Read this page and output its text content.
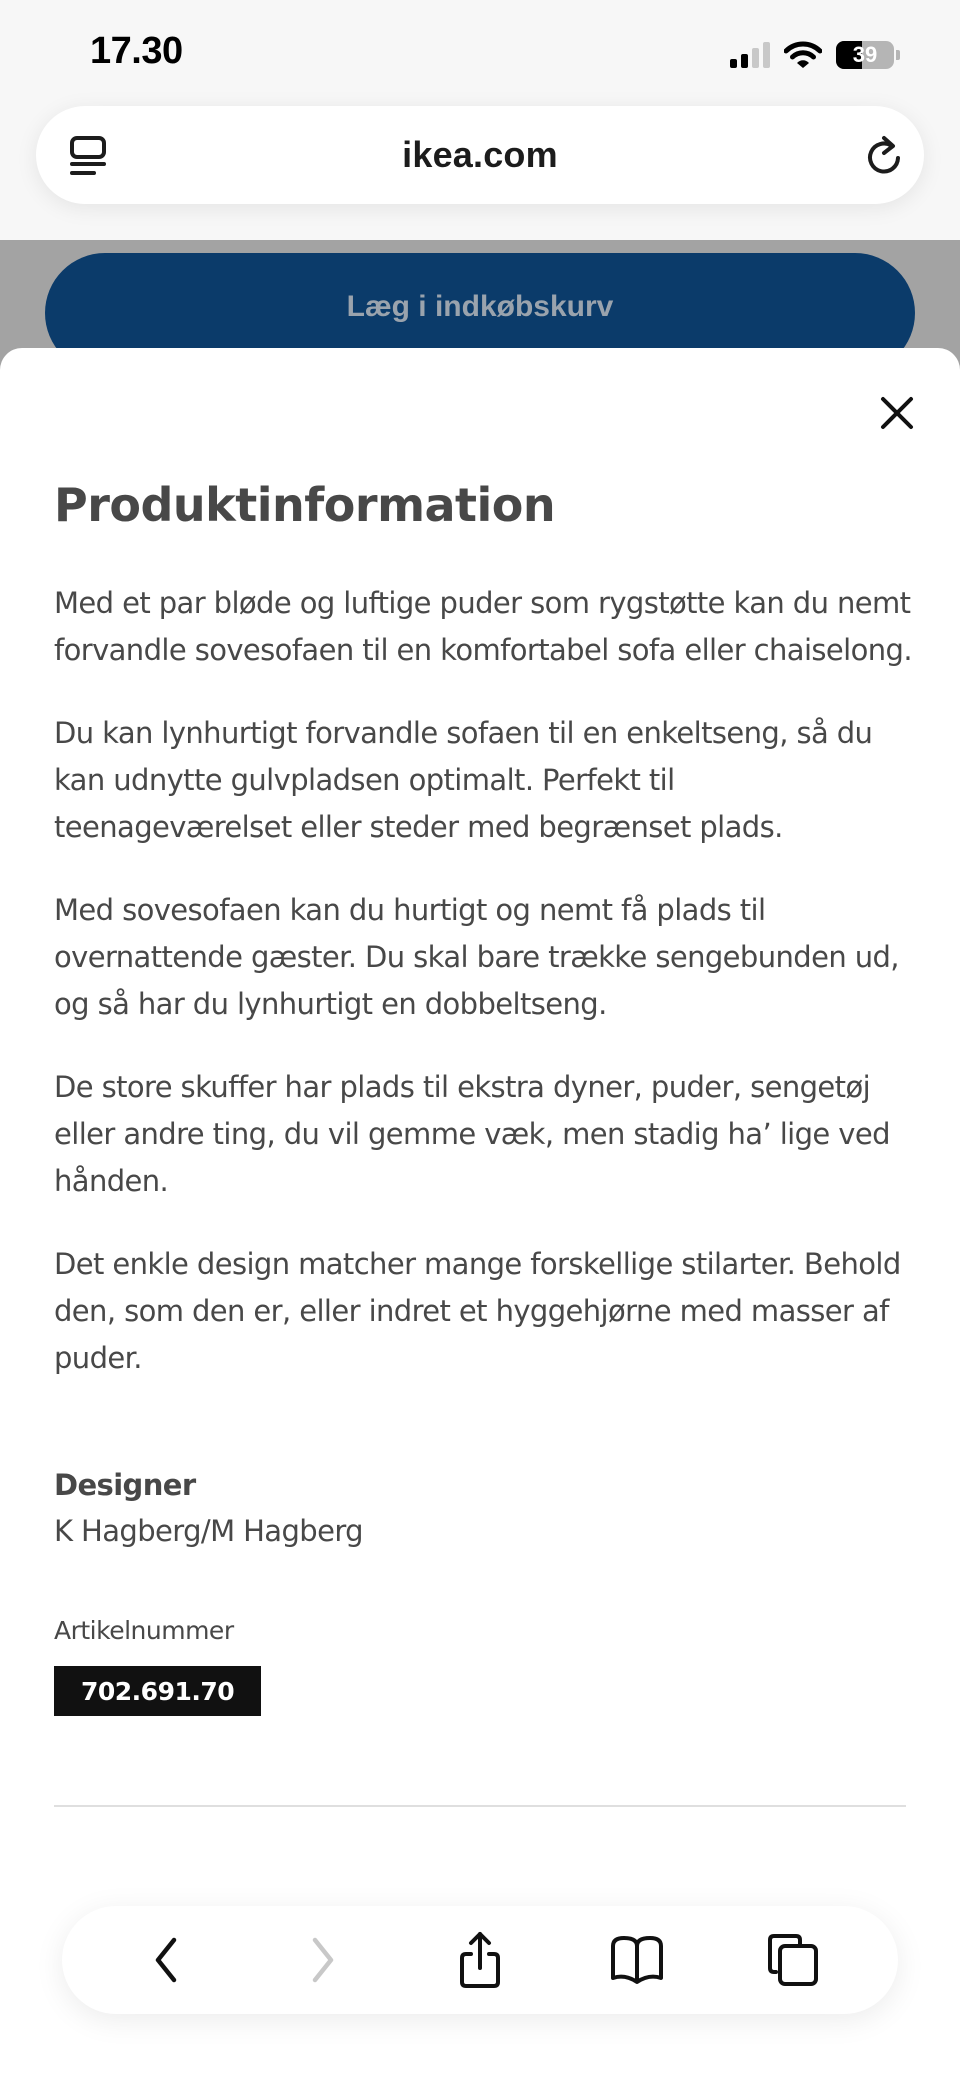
17.30	39
ikea.com
Læg i indkøbskurv
Produktinformation

Med et par bløde og luftige puder som rygstøtte kan du nemt forvandle sovesofaen til en komfortabel sofa eller chaiselong.

Du kan lynhurtigt forvandle sofaen til en enkeltseng, så du kan udnytte gulvpladsen optimalt. Perfekt til teenageværelset eller steder med begrænset plads.

Med sovesofaen kan du hurtigt og nemt få plads til overnattende gæster. Du skal bare trække sengebunden ud, og så har du lynhurtigt en dobbeltseng.

De store skuffer har plads til ekstra dyner, puder, sengetøj eller andre ting, du vil gemme væk, men stadig ha’ lige ved hånden.

Det enkle design matcher mange forskellige stilarter. Behold den, som den er, eller indret et hyggehjørne med masser af puder.

Designer
K Hagberg/M Hagberg
Artikelnummer
702.691.70
